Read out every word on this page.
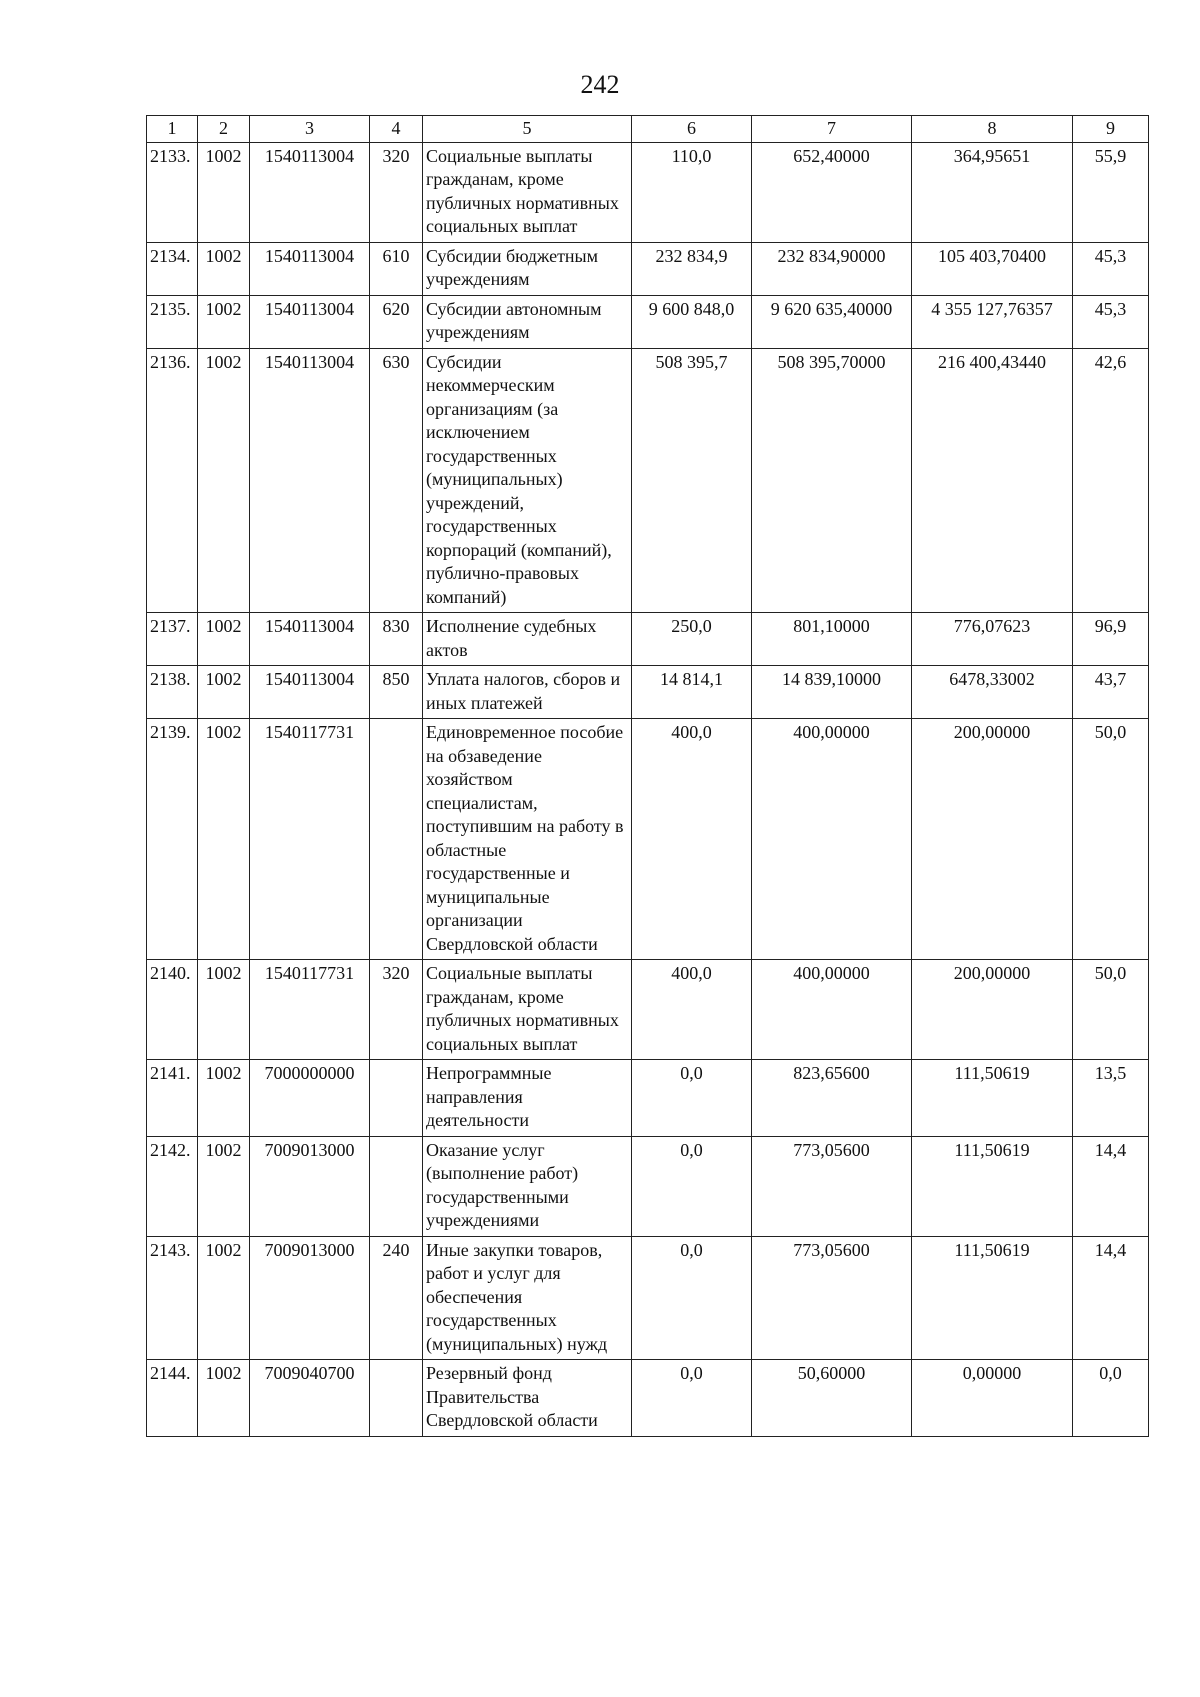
242
1	2	3	4	5	6	7	8	9
2133.	1002	1540113004	320	Социальные выплаты гражданам, кроме публичных нормативных социальных выплат	110,0	652,40000	364,95651	55,9
2134.	1002	1540113004	610	Субсидии бюджетным учреждениям	232 834,9	232 834,90000	105 403,70400	45,3
2135.	1002	1540113004	620	Субсидии автономным учреждениям	9 600 848,0	9 620 635,40000	4 355 127,76357	45,3
2136.	1002	1540113004	630	Субсидии некоммерческим организациям (за исключением государственных (муниципальных) учреждений, государственных корпораций (компаний), публично-правовых компаний)	508 395,7	508 395,70000	216 400,43440	42,6
2137.	1002	1540113004	830	Исполнение судебных актов	250,0	801,10000	776,07623	96,9
2138.	1002	1540113004	850	Уплата налогов, сборов и иных платежей	14 814,1	14 839,10000	6478,33002	43,7
2139.	1002	1540117731		Единовременное пособие на обзаведение хозяйством специалистам, поступившим на работу в областные государственные и муниципальные организации Свердловской области	400,0	400,00000	200,00000	50,0
2140.	1002	1540117731	320	Социальные выплаты гражданам, кроме публичных нормативных социальных выплат	400,0	400,00000	200,00000	50,0
2141.	1002	7000000000		Непрограммные направления деятельности	0,0	823,65600	111,50619	13,5
2142.	1002	7009013000		Оказание услуг (выполнение работ) государственными учреждениями	0,0	773,05600	111,50619	14,4
2143.	1002	7009013000	240	Иные закупки товаров, работ и услуг для обеспечения государственных (муниципальных) нужд	0,0	773,05600	111,50619	14,4
2144.	1002	7009040700		Резервный фонд Правительства Свердловской области	0,0	50,60000	0,00000	0,0
